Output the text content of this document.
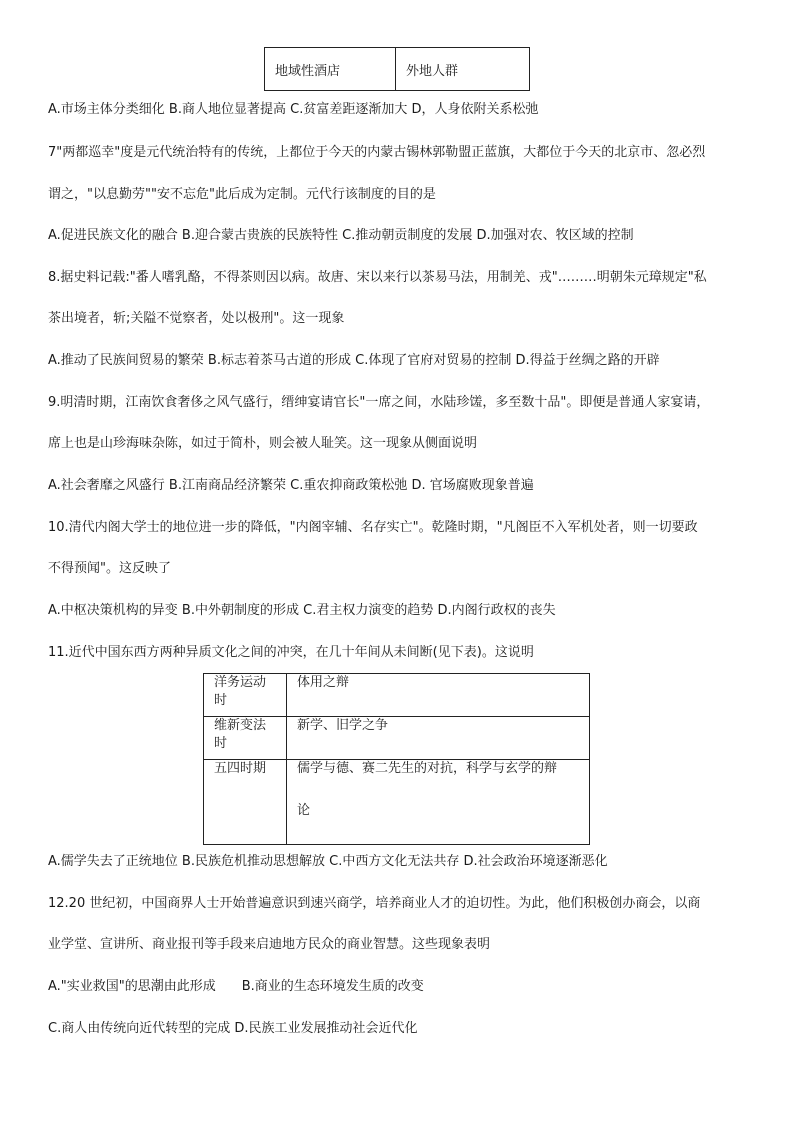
地域性酒店	外地人群
A.市场主体分类细化 B.商人地位显著提高 C.贫富差距逐渐加大 D，人身依附关系松弛
7"两都巡幸"度是元代统治特有的传统，上都位于今天的内蒙古锡林郭勒盟正蓝旗，大都位于今天的北京市、忽必烈
谓之，"以息勤劳""安不忘危"此后成为定制。元代行该制度的目的是
A.促进民族文化的融合 B.迎合蒙古贵族的民族特性 C.推动朝贡制度的发展 D.加强对农、牧区域的控制
8.据史料记载:"番人嗜乳酪，不得茶则因以病。故唐、宋以来行以茶易马法，用制羌、戎"………明朝朱元璋规定"私
茶出境者，斩;关隘不觉察者，处以极刑"。这一现象
A.推动了民族间贸易的繁荣 B.标志着茶马古道的形成 C.体现了官府对贸易的控制 D.得益于丝绸之路的开辟
9.明清时期，江南饮食奢侈之风气盛行，缙绅宴请官长"一席之间，水陆珍馐，多至数十品"。即便是普通人家宴请，
席上也是山珍海味杂陈，如过于简朴，则会被人耻笑。这一现象从侧面说明
A.社会奢靡之风盛行 B.江南商品经济繁荣 C.重农抑商政策松弛 D. 官场腐败现象普遍
10.清代内阁大学士的地位进一步的降低，"内阁宰辅、名存实亡"。乾隆时期，"凡阁臣不入军机处者，则一切要政
不得预闻"。这反映了
A.中枢决策机构的异变 B.中外朝制度的形成 C.君主权力演变的趋势 D.内阁行政权的丧失
11.近代中国东西方两种异质文化之间的冲突，在几十年间从未间断(见下表)。这说明
洋务运动时	体用之辩
维新变法时	新学、旧学之争
五四时期	儒学与德、赛二先生的对抗，科学与玄学的辩
论
A.儒学失去了正统地位 B.民族危机推动思想解放 C.中西方文化无法共存 D.社会政治环境逐渐恶化
12.20 世纪初，中国商界人士开始普遍意识到速兴商学，培养商业人才的迫切性。为此，他们积极创办商会，以商
业学堂、宣讲所、商业报刊等手段来启迪地方民众的商业智慧。这些现象表明
A."实业救国"的思潮由此形成　　B.商业的生态环境发生质的改变
C.商人由传统向近代转型的完成 D.民族工业发展推动社会近代化
